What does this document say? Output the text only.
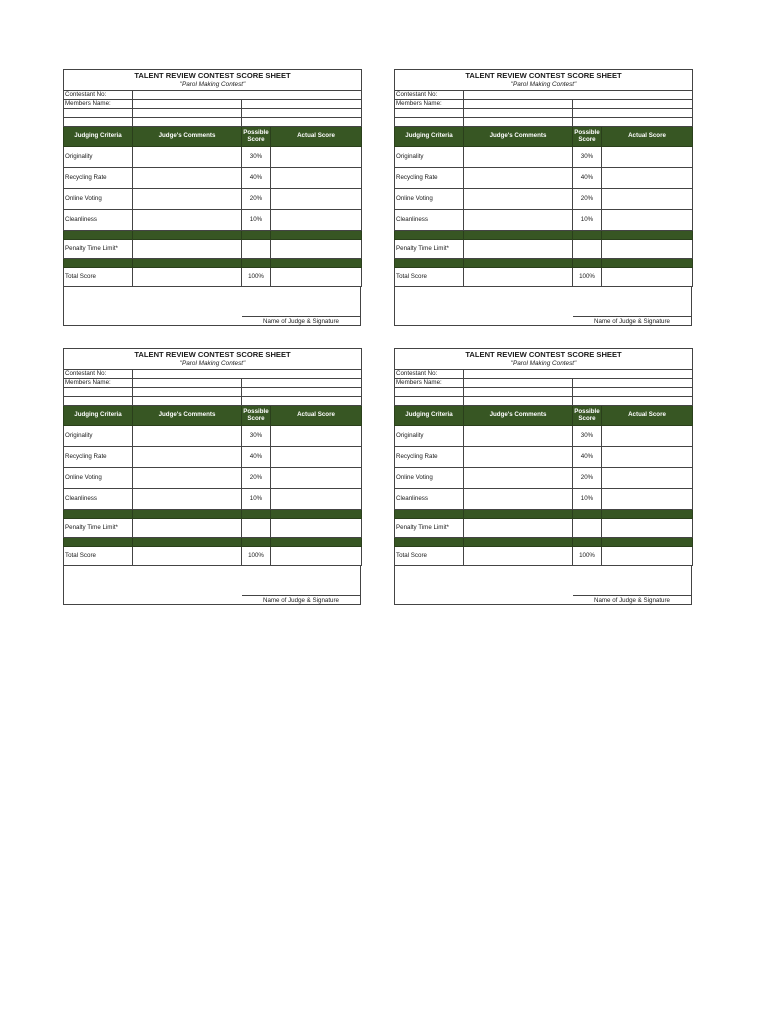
TALENT REVIEW CONTEST SCORE SHEET			
"Parol Making Contest"			
Contestant No:			
Members Name:			

Judging Criteria	Judge's Comments	Possible Score	Actual Score
Originality		30%	
Recycling Rate		40%	
Online Voting		20%	
Cleanliness		10%	

Penalty Time Limit*			

Total Score		100%	
Name of Judge & Signature
TALENT REVIEW CONTEST SCORE SHEET			
"Parol Making Contest"			
Contestant No:			
Members Name:			

Judging Criteria	Judge's Comments	Possible Score	Actual Score
Originality		30%	
Recycling Rate		40%	
Online Voting		20%	
Cleanliness		10%	

Penalty Time Limit*			

Total Score		100%	
Name of Judge & Signature
TALENT REVIEW CONTEST SCORE SHEET			
"Parol Making Contest"			
Contestant No:			
Members Name:			

Judging Criteria	Judge's Comments	Possible Score	Actual Score
Originality		30%	
Recycling Rate		40%	
Online Voting		20%	
Cleanliness		10%	

Penalty Time Limit*			

Total Score		100%	
Name of Judge & Signature
TALENT REVIEW CONTEST SCORE SHEET			
"Parol Making Contest"			
Contestant No:			
Members Name:			

Judging Criteria	Judge's Comments	Possible Score	Actual Score
Originality		30%	
Recycling Rate		40%	
Online Voting		20%	
Cleanliness		10%	

Penalty Time Limit*			

Total Score		100%	
Name of Judge & Signature
